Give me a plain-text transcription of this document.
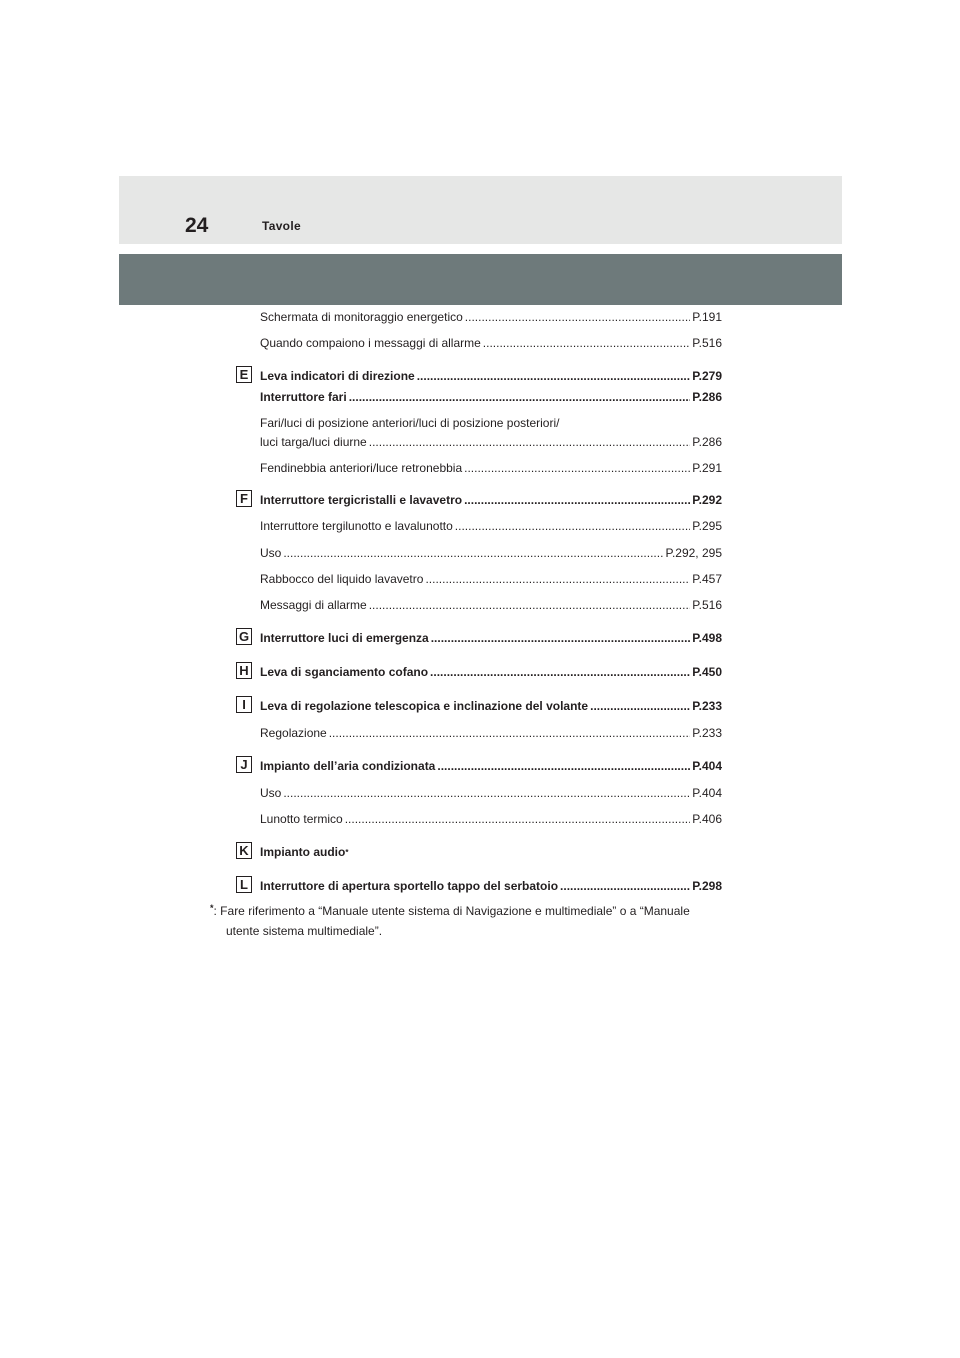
24	Tavole
Schermata di monitoraggio energetico .....	P.191
Quando compaiono i messaggi di allarme .....	P.516
E Leva indicatori di direzione .....	P.279
Interruttore fari .....	P.286
Fari/luci di posizione anteriori/luci di posizione posteriori/
luci targa/luci diurne .....	P.286
Fendinebbia anteriori/luce retronebbia .....	P.291
F	Interruttore tergicristalli e lavavetro .....	P.292
Interruttore tergilunotto e lavalunotto .....	P.295
Uso .....	P.292, 295
Rabbocco del liquido lavavetro .....	P.457
Messaggi di allarme .....	P.516
G Interruttore luci di emergenza .....	P.498
H Leva di sganciamento cofano .....	P.450
I	Leva di regolazione telescopica e inclinazione del volante .....	P.233
Regolazione .....	P.233
J	Impianto dell’aria condizionata .....	P.404
Uso .....	P.404
Lunotto termico .....	P.406
K Impianto audio*
L	Interruttore di apertura sportello tappo del serbatoio .....	P.298
*: Fare riferimento a “Manuale utente sistema di Navigazione e multimediale” o a “Manuale
utente sistema multimediale”.
